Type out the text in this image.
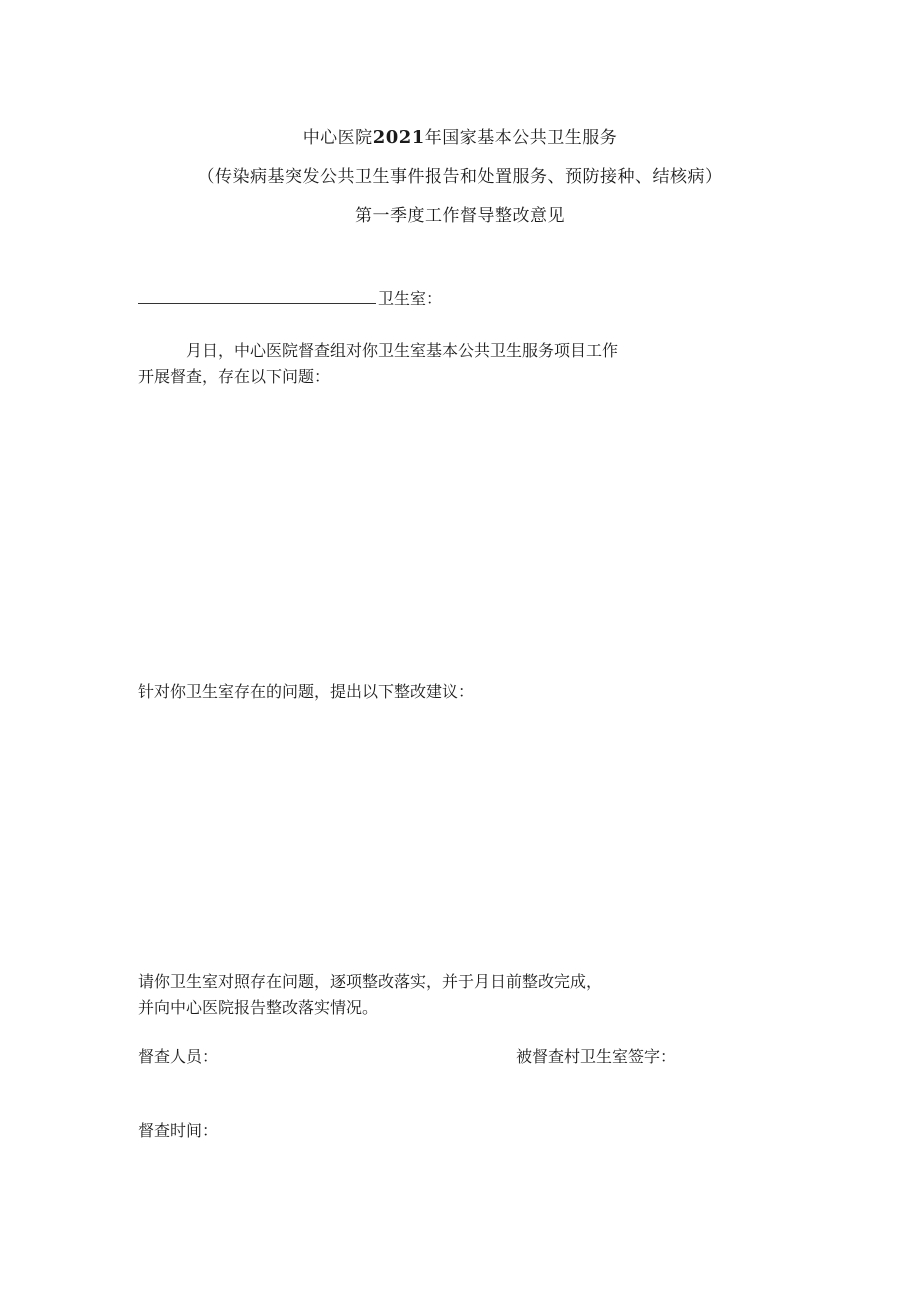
中心医院2021年国家基本公共卫生服务
（传染病基突发公共卫生事件报告和处置服务、预防接种、结核病）
第一季度工作督导整改意见
卫生室：
月日，中心医院督查组对你卫生室基本公共卫生服务项目工作
开展督查，存在以下问题：
针对你卫生室存在的问题，提出以下整改建议：
请你卫生室对照存在问题，逐项整改落实，并于月日前整改完成，
并向中心医院报告整改落实情况。
督查人员：	被督查村卫生室签字：
督查时间：
